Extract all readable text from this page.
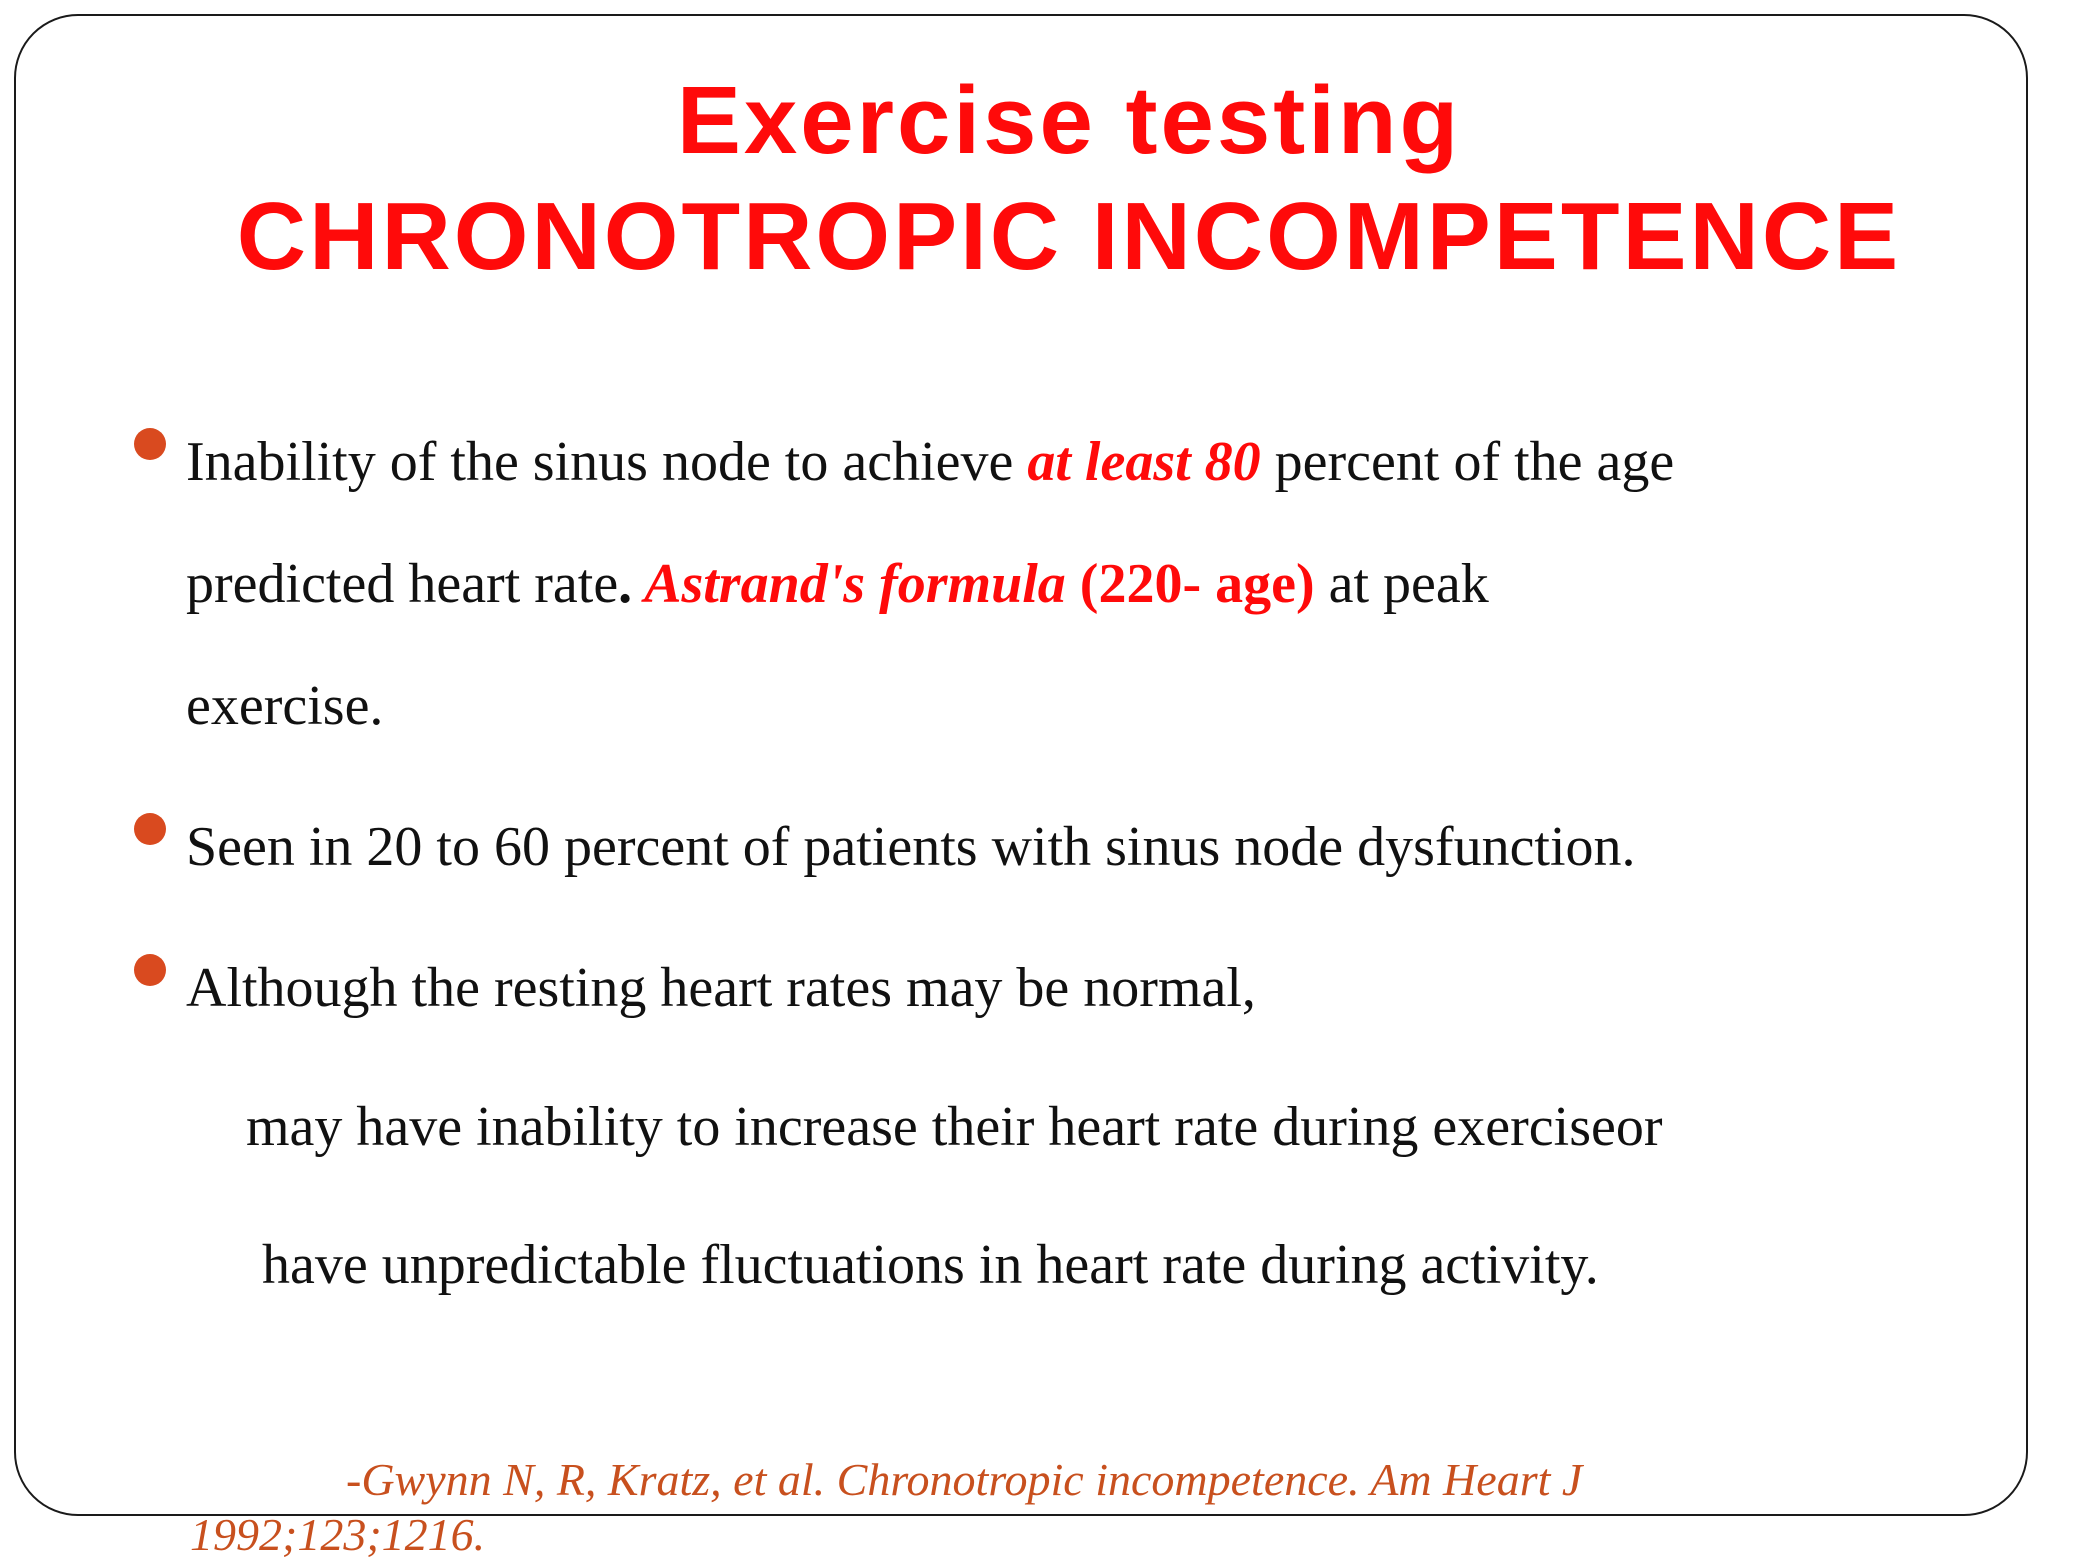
Exercise testing
CHRONOTROPIC INCOMPETENCE
Inability of the sinus node to achieve at least 80 percent of the age
predicted heart rate. Astrand's formula (220- age) at peak
exercise.
Seen in 20 to 60 percent of patients with sinus node dysfunction.
Although the resting heart rates may be normal,
may have inability to increase their heart rate during exerciseor
have unpredictable fluctuations in heart rate during activity.
-Gwynn N, R, Kratz, et al. Chronotropic incompetence. Am Heart J
1992;123;1216.
